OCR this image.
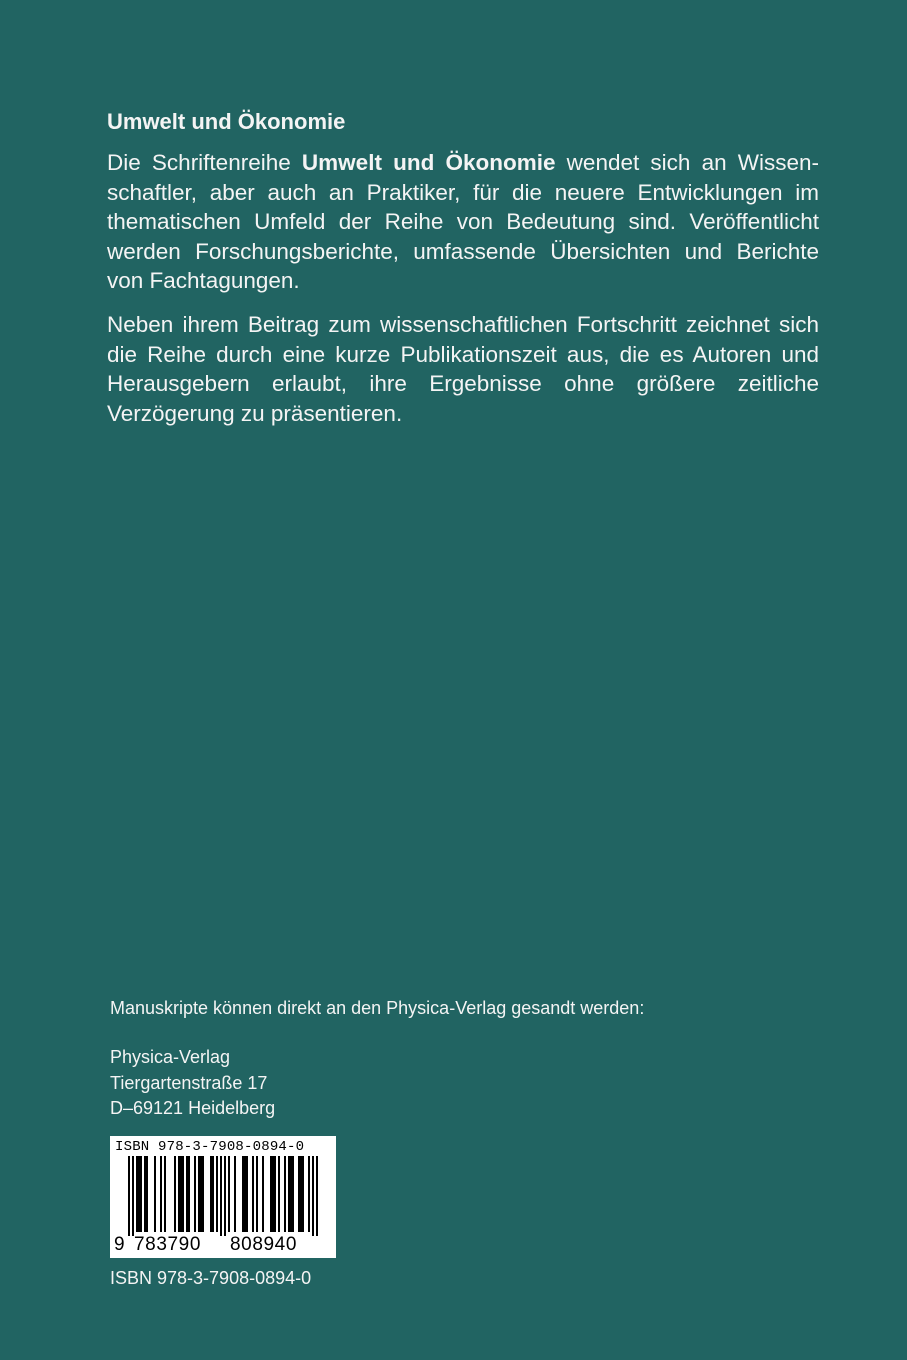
Umwelt und Ökonomie

Die Schriftenreihe Umwelt und Ökonomie wendet sich an Wissen-schaftler, aber auch an Praktiker, für die neuere Entwicklungen im thematischen Umfeld der Reihe von Bedeutung sind. Veröffentlicht werden Forschungsberichte, umfassende Übersichten und Berichte von Fachtagungen.

Neben ihrem Beitrag zum wissenschaftlichen Fortschritt zeichnet sich die Reihe durch eine kurze Publikationszeit aus, die es Autoren und Herausgebern erlaubt, ihre Ergebnisse ohne größere zeitliche Verzögerung zu präsentieren.

Manuskripte können direkt an den Physica-Verlag gesandt werden:
Physica-Verlag
Tiergartenstraße 17
D–69121 Heidelberg
ISBN 978-3-7908-0894-0
9 783790 808940
ISBN 978-3-7908-0894-0
